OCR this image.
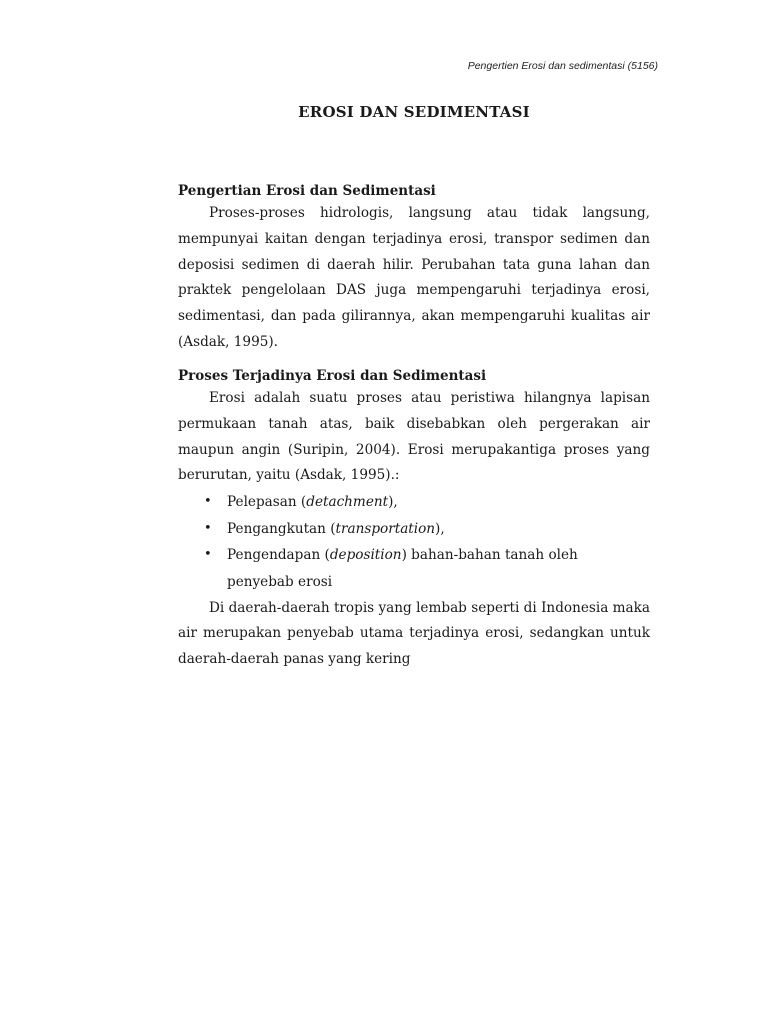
Pengertien Erosi dan sedimentasi (5156)
EROSI DAN SEDIMENTASI
Pengertian Erosi dan Sedimentasi

Proses-proses hidrologis, langsung atau tidak langsung, mempunyai kaitan dengan terjadinya erosi, transpor sedimen dan deposisi sedimen di daerah hilir. Perubahan tata guna lahan dan praktek pengelolaan DAS juga mempengaruhi terjadinya erosi, sedimentasi, dan pada gilirannya, akan mempengaruhi kualitas air (Asdak, 1995).

Proses Terjadinya Erosi dan Sedimentasi

Erosi adalah suatu proses atau peristiwa hilangnya lapisan permukaan tanah atas, baik disebabkan oleh pergerakan air maupun angin (Suripin, 2004). Erosi merupakantiga proses yang berurutan, yaitu (Asdak, 1995).:

• Pelepasan (detachment),
• Pengangkutan (transportation),
• Pengendapan (deposition) bahan-bahan tanah oleh penyebab erosi

Di daerah-daerah tropis yang lembab seperti di Indonesia maka air merupakan penyebab utama terjadinya erosi, sedangkan untuk daerah-daerah panas yang kering
